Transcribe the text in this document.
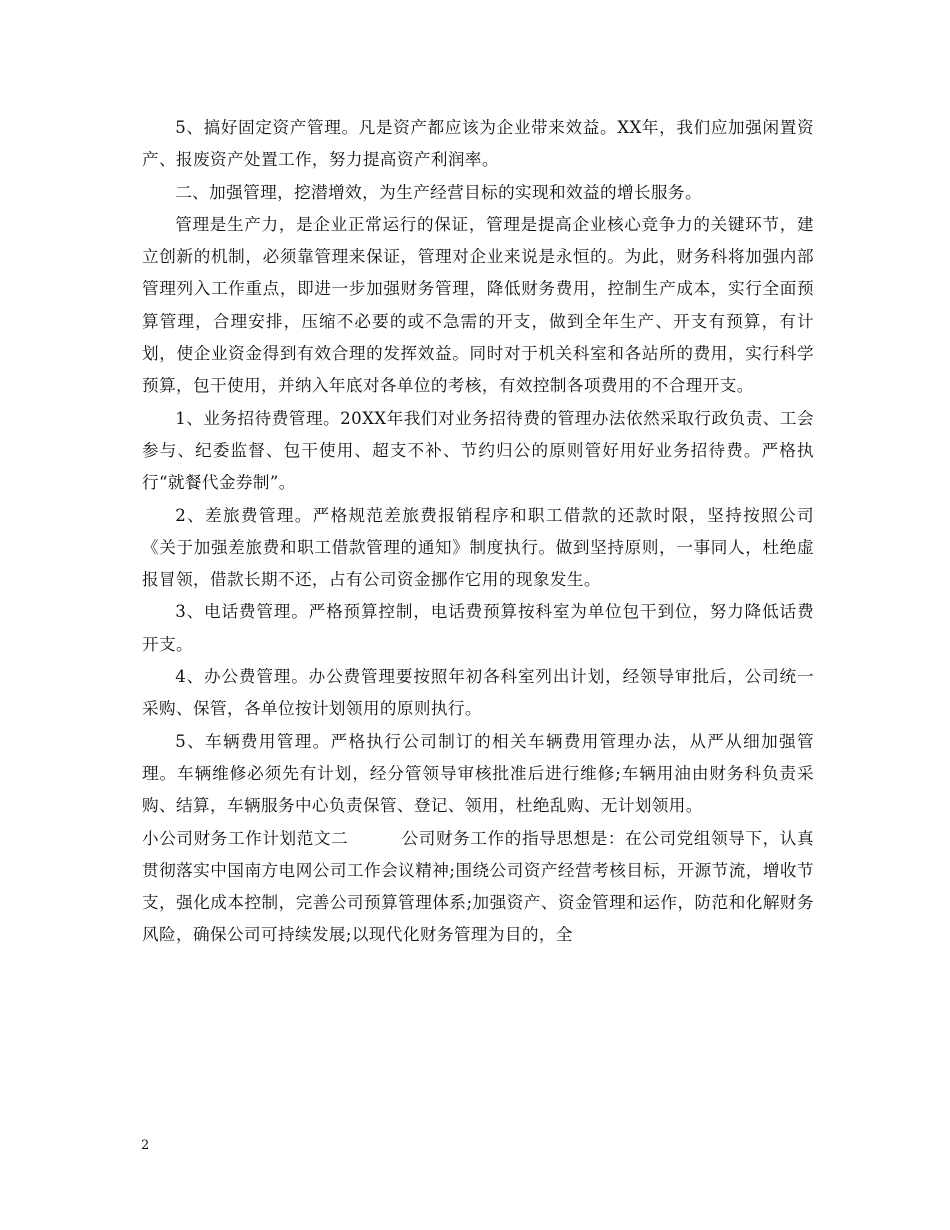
5、搞好固定资产管理。凡是资产都应该为企业带来效益。XX年，我们应加强闲置资产、报废资产处置工作，努力提高资产利润率。

二、加强管理，挖潜增效，为生产经营目标的实现和效益的增长服务。

管理是生产力，是企业正常运行的保证，管理是提高企业核心竞争力的关键环节，建立创新的机制，必须靠管理来保证，管理对企业来说是永恒的。为此，财务科将加强内部管理列入工作重点，即进一步加强财务管理，降低财务费用，控制生产成本，实行全面预算管理，合理安排，压缩不必要的或不急需的开支，做到全年生产、开支有预算，有计划，使企业资金得到有效合理的发挥效益。同时对于机关科室和各站所的费用，实行科学预算，包干使用，并纳入年底对各单位的考核，有效控制各项费用的不合理开支。

1、业务招待费管理。20XX年我们对业务招待费的管理办法依然采取行政负责、工会参与、纪委监督、包干使用、超支不补、节约归公的原则管好用好业务招待费。严格执行“就餐代金券制”。

2、差旅费管理。严格规范差旅费报销程序和职工借款的还款时限，坚持按照公司《关于加强差旅费和职工借款管理的通知》制度执行。做到坚持原则，一事同人，杜绝虚报冒领，借款长期不还，占有公司资金挪作它用的现象发生。

3、电话费管理。严格预算控制，电话费预算按科室为单位包干到位，努力降低话费开支。

4、办公费管理。办公费管理要按照年初各科室列出计划，经领导审批后，公司统一采购、保管，各单位按计划领用的原则执行。

5、车辆费用管理。严格执行公司制订的相关车辆费用管理办法，从严从细加强管理。车辆维修必须先有计划，经分管领导审核批准后进行维修;车辆用油由财务科负责采购、结算，车辆服务中心负责保管、登记、领用，杜绝乱购、无计划领用。

小公司财务工作计划范文二	公司财务工作的指导思想是：在公司党组领导下，认真贯彻落实中国南方电网公司工作会议精神;围绕公司资产经营考核目标，开源节流，增收节支，强化成本控制，完善公司预算管理体系;加强资产、资金管理和运作，防范和化解财务风险，确保公司可持续发展;以现代化财务管理为目的，全

2
